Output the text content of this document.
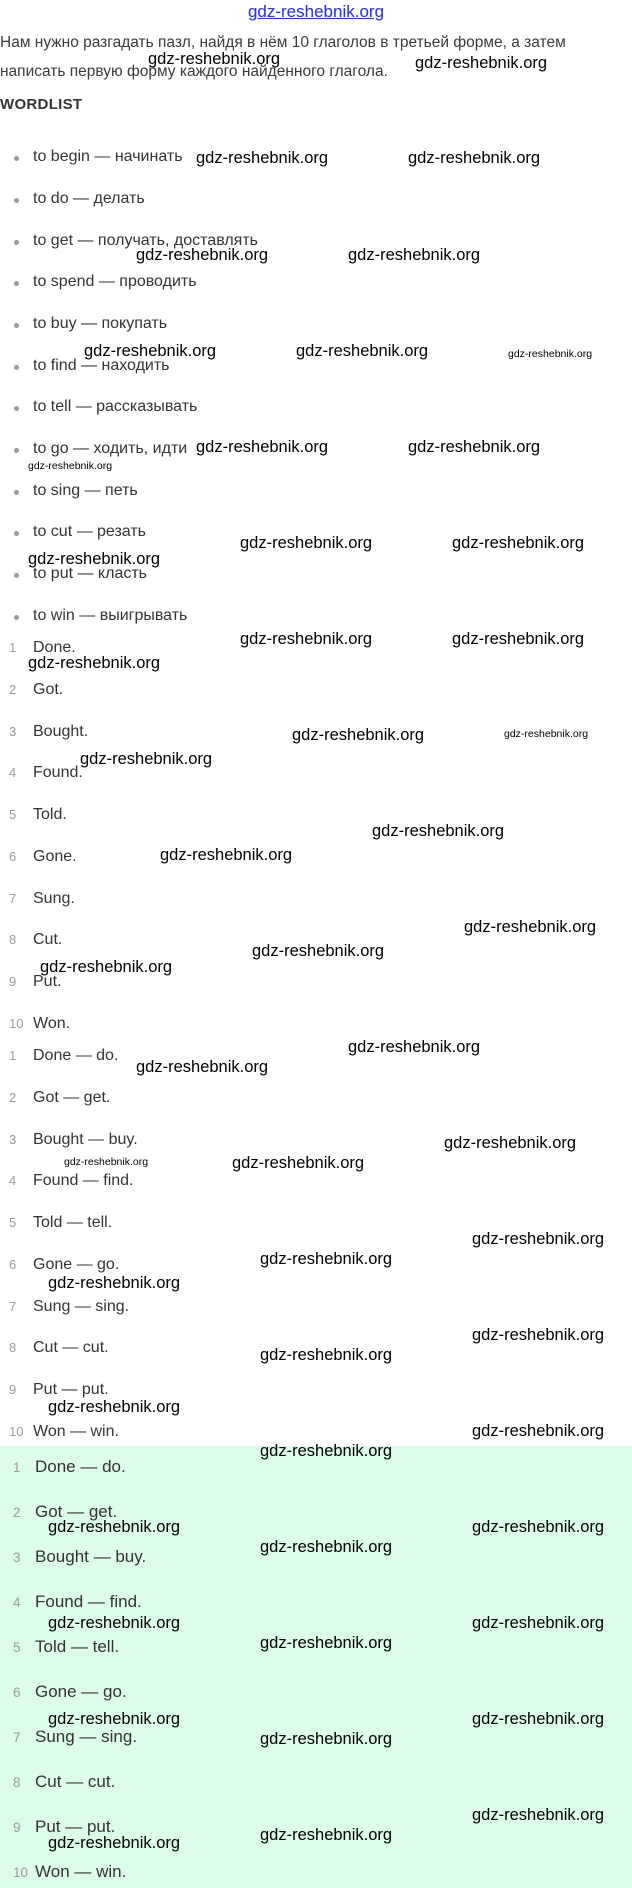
gdz-reshebnik.org
Нам нужно разгадать пазл, найдя в нём 10 глаголов в третьей форме, а затем написать первую форму каждого найденного глагола.
WORDLIST
to begin — начинать
to do — делать
to get — получать, доставлять
to spend — проводить
to buy — покупать
to find — находить
to tell — рассказывать
to go — ходить, идти
to sing — петь
to cut — резать
to put — класть
to win — выигрывать
1 Done.
2 Got.
3 Bought.
4 Found.
5 Told.
6 Gone.
7 Sung.
8 Cut.
9 Put.
10 Won.
1 Done — do.
2 Got — get.
3 Bought — buy.
4 Found — find.
5 Told — tell.
6 Gone — go.
7 Sung — sing.
8 Cut — cut.
9 Put — put.
10 Won — win.
1 Done — do.
2 Got — get.
3 Bought — buy.
4 Found — find.
5 Told — tell.
6 Gone — go.
7 Sung — sing.
8 Cut — cut.
9 Put — put.
10 Won — win.
gdz-reshebnik.org	gdz-reshebnik.org
gdz-reshebnik.org	gdz-reshebnik.org
gdz-reshebnik.org	gdz-reshebnik.org
gdz-reshebnik.org	gdz-reshebnik.org	gdz-reshebnik.org
gdz-reshebnik.org	gdz-reshebnik.org
gdz-reshebnik.org
gdz-reshebnik.org	gdz-reshebnik.org
gdz-reshebnik.org
gdz-reshebnik.org	gdz-reshebnik.org
gdz-reshebnik.org
gdz-reshebnik.org	gdz-reshebnik.org
gdz-reshebnik.org
gdz-reshebnik.org
gdz-reshebnik.org
gdz-reshebnik.org
gdz-reshebnik.org
gdz-reshebnik.org
gdz-reshebnik.org
gdz-reshebnik.org
gdz-reshebnik.org
gdz-reshebnik.org	gdz-reshebnik.org
gdz-reshebnik.org
gdz-reshebnik.org
gdz-reshebnik.org
gdz-reshebnik.org
gdz-reshebnik.org
gdz-reshebnik.org
gdz-reshebnik.org
gdz-reshebnik.org
gdz-reshebnik.org	gdz-reshebnik.org
gdz-reshebnik.org
gdz-reshebnik.org	gdz-reshebnik.org
gdz-reshebnik.org
gdz-reshebnik.org	gdz-reshebnik.org
gdz-reshebnik.org
gdz-reshebnik.org
gdz-reshebnik.org	gdz-reshebnik.org
